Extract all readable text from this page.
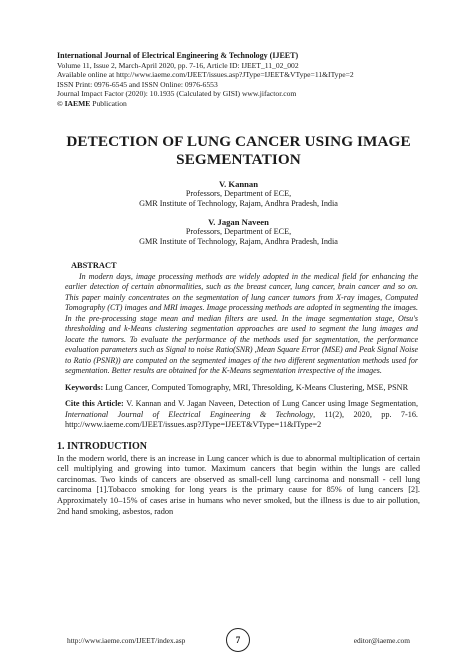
International Journal of Electrical Engineering & Technology (IJEET)
Volume 11, Issue 2, March-April 2020, pp. 7-16, Article ID: IJEET_11_02_002
Available online at http://www.iaeme.com/IJEET/issues.asp?JType=IJEET&VType=11&IType=2
ISSN Print: 0976-6545 and ISSN Online: 0976-6553
Journal Impact Factor (2020): 10.1935 (Calculated by GISI) www.jifactor.com
© IAEME Publication
DETECTION OF LUNG CANCER USING IMAGE
SEGMENTATION
V. Kannan
Professors, Department of ECE,
GMR Institute of Technology, Rajam, Andhra Pradesh, India
V. Jagan Naveen
Professors, Department of ECE,
GMR Institute of Technology, Rajam, Andhra Pradesh, India
ABSTRACT
In modern days, image processing methods are widely adopted in the medical field for enhancing the earlier detection of certain abnormalities, such as the breast cancer, lung cancer, brain cancer and so on. This paper mainly concentrates on the segmentation of lung cancer tumors from X-ray images, Computed Tomography (CT) images and MRI images. Image processing methods are adopted in segmenting the images. In the pre-processing stage mean and median filters are used. In the image segmentation stage, Otsu's thresholding and k-Means clustering segmentation approaches are used to segment the lung images and locate the tumors. To evaluate the performance of the methods used for segmentation, the performance evaluation parameters such as Signal to noise Ratio(SNR) ,Mean Square Error (MSE) and Peak Signal Noise to Ratio (PSNR)) are computed on the segmented images of the two different segmentation methods used for segmentation. Better results are obtained for the K-Means segmentation irrespective of the images.
Keywords: Lung Cancer, Computed Tomography, MRI, Thresolding, K-Means Clustering, MSE, PSNR
Cite this Article: V. Kannan and V. Jagan Naveen, Detection of Lung Cancer using Image Segmentation, International Journal of Electrical Engineering & Technology, 11(2), 2020, pp. 7-16. http://www.iaeme.com/IJEET/issues.asp?JType=IJEET&VType=11&IType=2
1. INTRODUCTION
In the modern world, there is an increase in Lung cancer which is due to abnormal multiplication of certain cell multiplying and growing into tumor. Maximum cancers that begin within the lungs are called carcinomas. Two kinds of cancers are observed as small-cell lung carcinoma and nonsmall - cell lung carcinoma [1].Tobacco smoking for long years is the primary cause for 85% of lung cancers [2]. Approximately 10–15% of cases arise in humans who never smoked, but the illness is due to air pollution, 2nd hand smoking, asbestos, radon
http://www.iaeme.com/IJEET/index.asp	7	editor@iaeme.com
